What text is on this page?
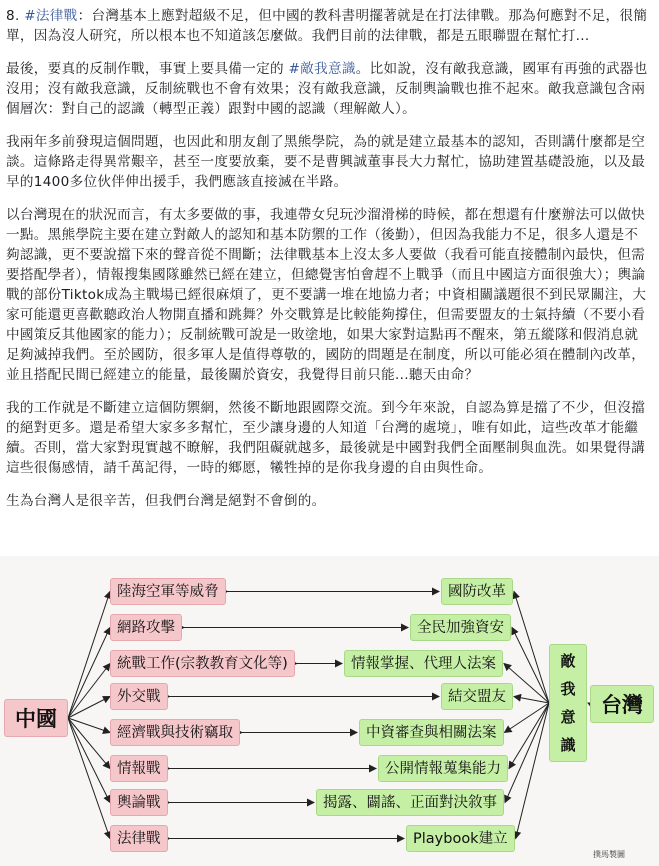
8. #法律戰：台灣基本上應對超級不足，但中國的教科書明擺著就是在打法律戰。那為何應對不足，很簡單，因為沒人研究，所以根本也不知道該怎麼做。我們目前的法律戰，都是五眼聯盟在幫忙打...

最後，要真的反制作戰，事實上要具備一定的 #敵我意識。比如說，沒有敵我意識，國軍有再強的武器也沒用；沒有敵我意識，反制統戰也不會有效果；沒有敵我意識，反制輿論戰也推不起來。敵我意識包含兩個層次：對自己的認識（轉型正義）跟對中國的認識（理解敵人）。

我兩年多前發現這個問題，也因此和朋友創了黑熊學院，為的就是建立最基本的認知，否則講什麼都是空談。這條路走得異常艱辛，甚至一度要放棄，要不是曹興誠董事長大力幫忙，協助建置基礎設施，以及最早的1400多位伙伴伸出援手，我們應該直接滅在半路。

以台灣現在的狀況而言，有太多要做的事，我連帶女兒玩沙溜滑梯的時候，都在想還有什麼辦法可以做快一點。黑熊學院主要在建立對敵人的認知和基本防禦的工作（後勤），但因為我能力不足，很多人還是不夠認識，更不要說擋下來的聲音從不間斷；法律戰基本上沒太多人要做（我看可能直接體制內最快，但需要搭配學者），情報搜集國隊雖然已經在建立，但總覺害怕會趕不上戰爭（而且中國這方面很強大）；輿論戰的部份Tiktok成為主戰場已經很麻煩了，更不要講一堆在地協力者；中資相關議題很不到民眾關注，大家可能還更喜歡聽政治人物開直播和跳舞？外交戰算是比較能夠撐住，但需要盟友的士氣持續（不要小看中國策反其他國家的能力）；反制統戰可說是一敗塗地，如果大家對這點再不醒來，第五縱隊和假消息就足夠滅掉我們。至於國防，很多軍人是值得尊敬的，國防的問題是在制度，所以可能必須在體制內改革，並且搭配民間已經建立的能量，最後關於資安，我覺得目前只能...聽天由命？

我的工作就是不斷建立這個防禦網，然後不斷地跟國際交流。到今年來說，自認為算是擋了不少，但沒擋的絕對更多。還是希望大家多多幫忙，至少讓身邊的人知道「台灣的處境」，唯有如此，這些改革才能繼續。否則，當大家對現實越不瞭解，我們阻礙就越多，最後就是中國對我們全面壓制與血洗。如果覺得講這些很傷感情，請千萬記得，一時的鄉愿，犧牲掉的是你我身邊的自由與性命。

生為台灣人是很辛苦，但我們台灣是絕對不會倒的。

中國
台灣
敵
我
意
識
陸海空軍等威脅
網路攻擊
統戰工作(宗教教育文化等)
外交戰
經濟戰與技術竊取
情報戰
輿論戰
法律戰
國防改革
全民加強資安
情報掌握、代理人法案
結交盟友
中資審查與相關法案
公開情報蒐集能力
揭露、闢謠、正面對決敘事
Playbook建立
撲馬製圖
